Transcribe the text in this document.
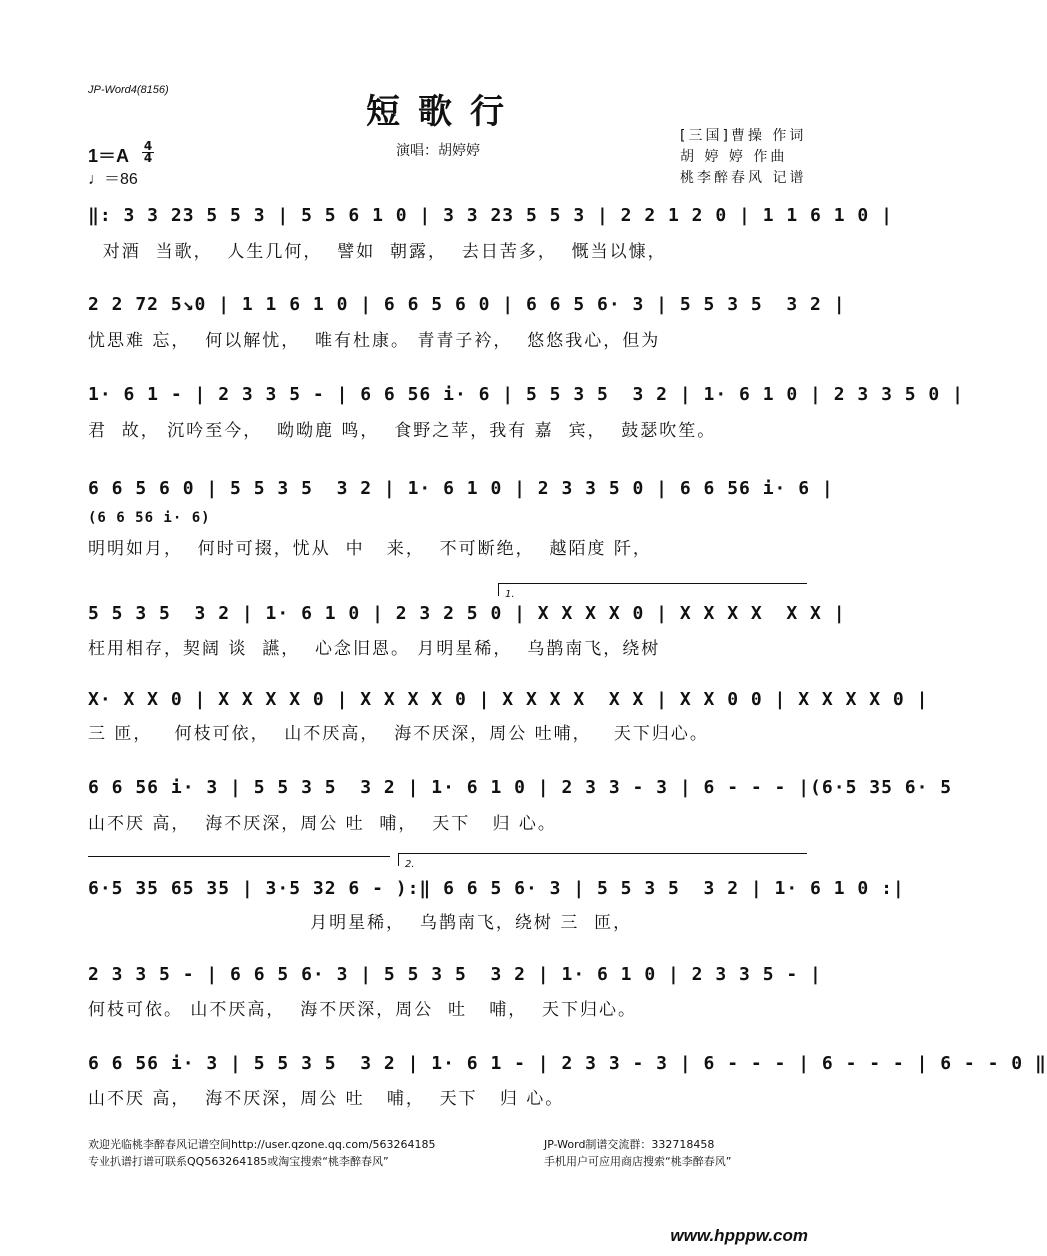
JP-Word4(8156)
短歌行
演唱：胡婷婷
[三国]曹操 作词
胡 婷 婷 作曲
桃李醉春风 记谱
$1=A \frac{4}{4}$
♩＝86
‖: 3 3 23 5 5 3 | 5 5 6 1 0 | 3 3 23 5 5 3 | 2 2 1 2 0 | 1 1 6 1 0 |
对酒  当歌，  人生几何，  譬如  朝露，  去日苦多，  慨当以慷，
2 2 72 5↘0 | 1 1 6 1 0 | 6 6 5 6 0 | 6 6 5 6· 3 | 5 5 3 5  3 2 |
忧思难 忘，  何以解忧，  唯有杜康。 青青子衿，  悠悠我心，但为
1· 6 1 - | 2 3 3 5 - | 6 6 56 i· 6 | 5 5 3 5  3 2 | 1· 6 1 0 | 2 3 3 5 0 |
君  故， 沉吟至今，  呦呦鹿 鸣，  食野之苹，我有 嘉  宾，  鼓瑟吹笙。
6 6 5 6 0 | 5 5 3 5  3 2 | 1· 6 1 0 | 2 3 3 5 0 | 6 6 56 i· 6 |
(6 6 56 i· 6)
明明如月，  何时可掇，忧从  中   来，  不可断绝，  越陌度 阡，
1.
5 5 3 5  3 2 | 1· 6 1 0 | 2 3 2 5 0 | X X X X 0 | X X X X  X X |
枉用相存，契阔 谈  讌，  心念旧恩。 月明星稀，  乌鹊南飞，绕树
X· X X 0 | X X X X 0 | X X X X 0 | X X X X  X X | X X 0 0 | X X X X 0 |
三 匝，   何枝可依，  山不厌高，  海不厌深，周公 吐哺，   天下归心。
6 6 56 i· 3 | 5 5 3 5  3 2 | 1· 6 1 0 | 2 3 3 - 3 | 6 - - - |(6·5 35 6· 5
山不厌 高，  海不厌深，周公 吐  哺，  天下   归 心。
2.
6·5 35 65 35 | 3·5 32 6 - ):‖ 6 6 5 6· 3 | 5 5 3 5  3 2 | 1· 6 1 0 :|
月明星稀，  乌鹊南飞，绕树 三  匝，
2 3 3 5 - | 6 6 5 6· 3 | 5 5 3 5  3 2 | 1· 6 1 0 | 2 3 3 5 - |
何枝可依。 山不厌高，  海不厌深，周公  吐   哺，  天下归心。
6 6 56 i· 3 | 5 5 3 5  3 2 | 1· 6 1 - | 2 3 3 - 3 | 6 - - - | 6 - - - | 6 - - 0 ‖
山不厌 高，  海不厌深，周公 吐   哺，  天下   归 心。
欢迎光临桃李醉春风记谱空间http://user.qzone.qq.com/563264185	JP-Word制谱交流群：332718458
专业扒谱打谱可联系QQ563264185或淘宝搜索“桃李醉春风”	手机用户可应用商店搜索“桃李醉春风”
www.hpppw.com
